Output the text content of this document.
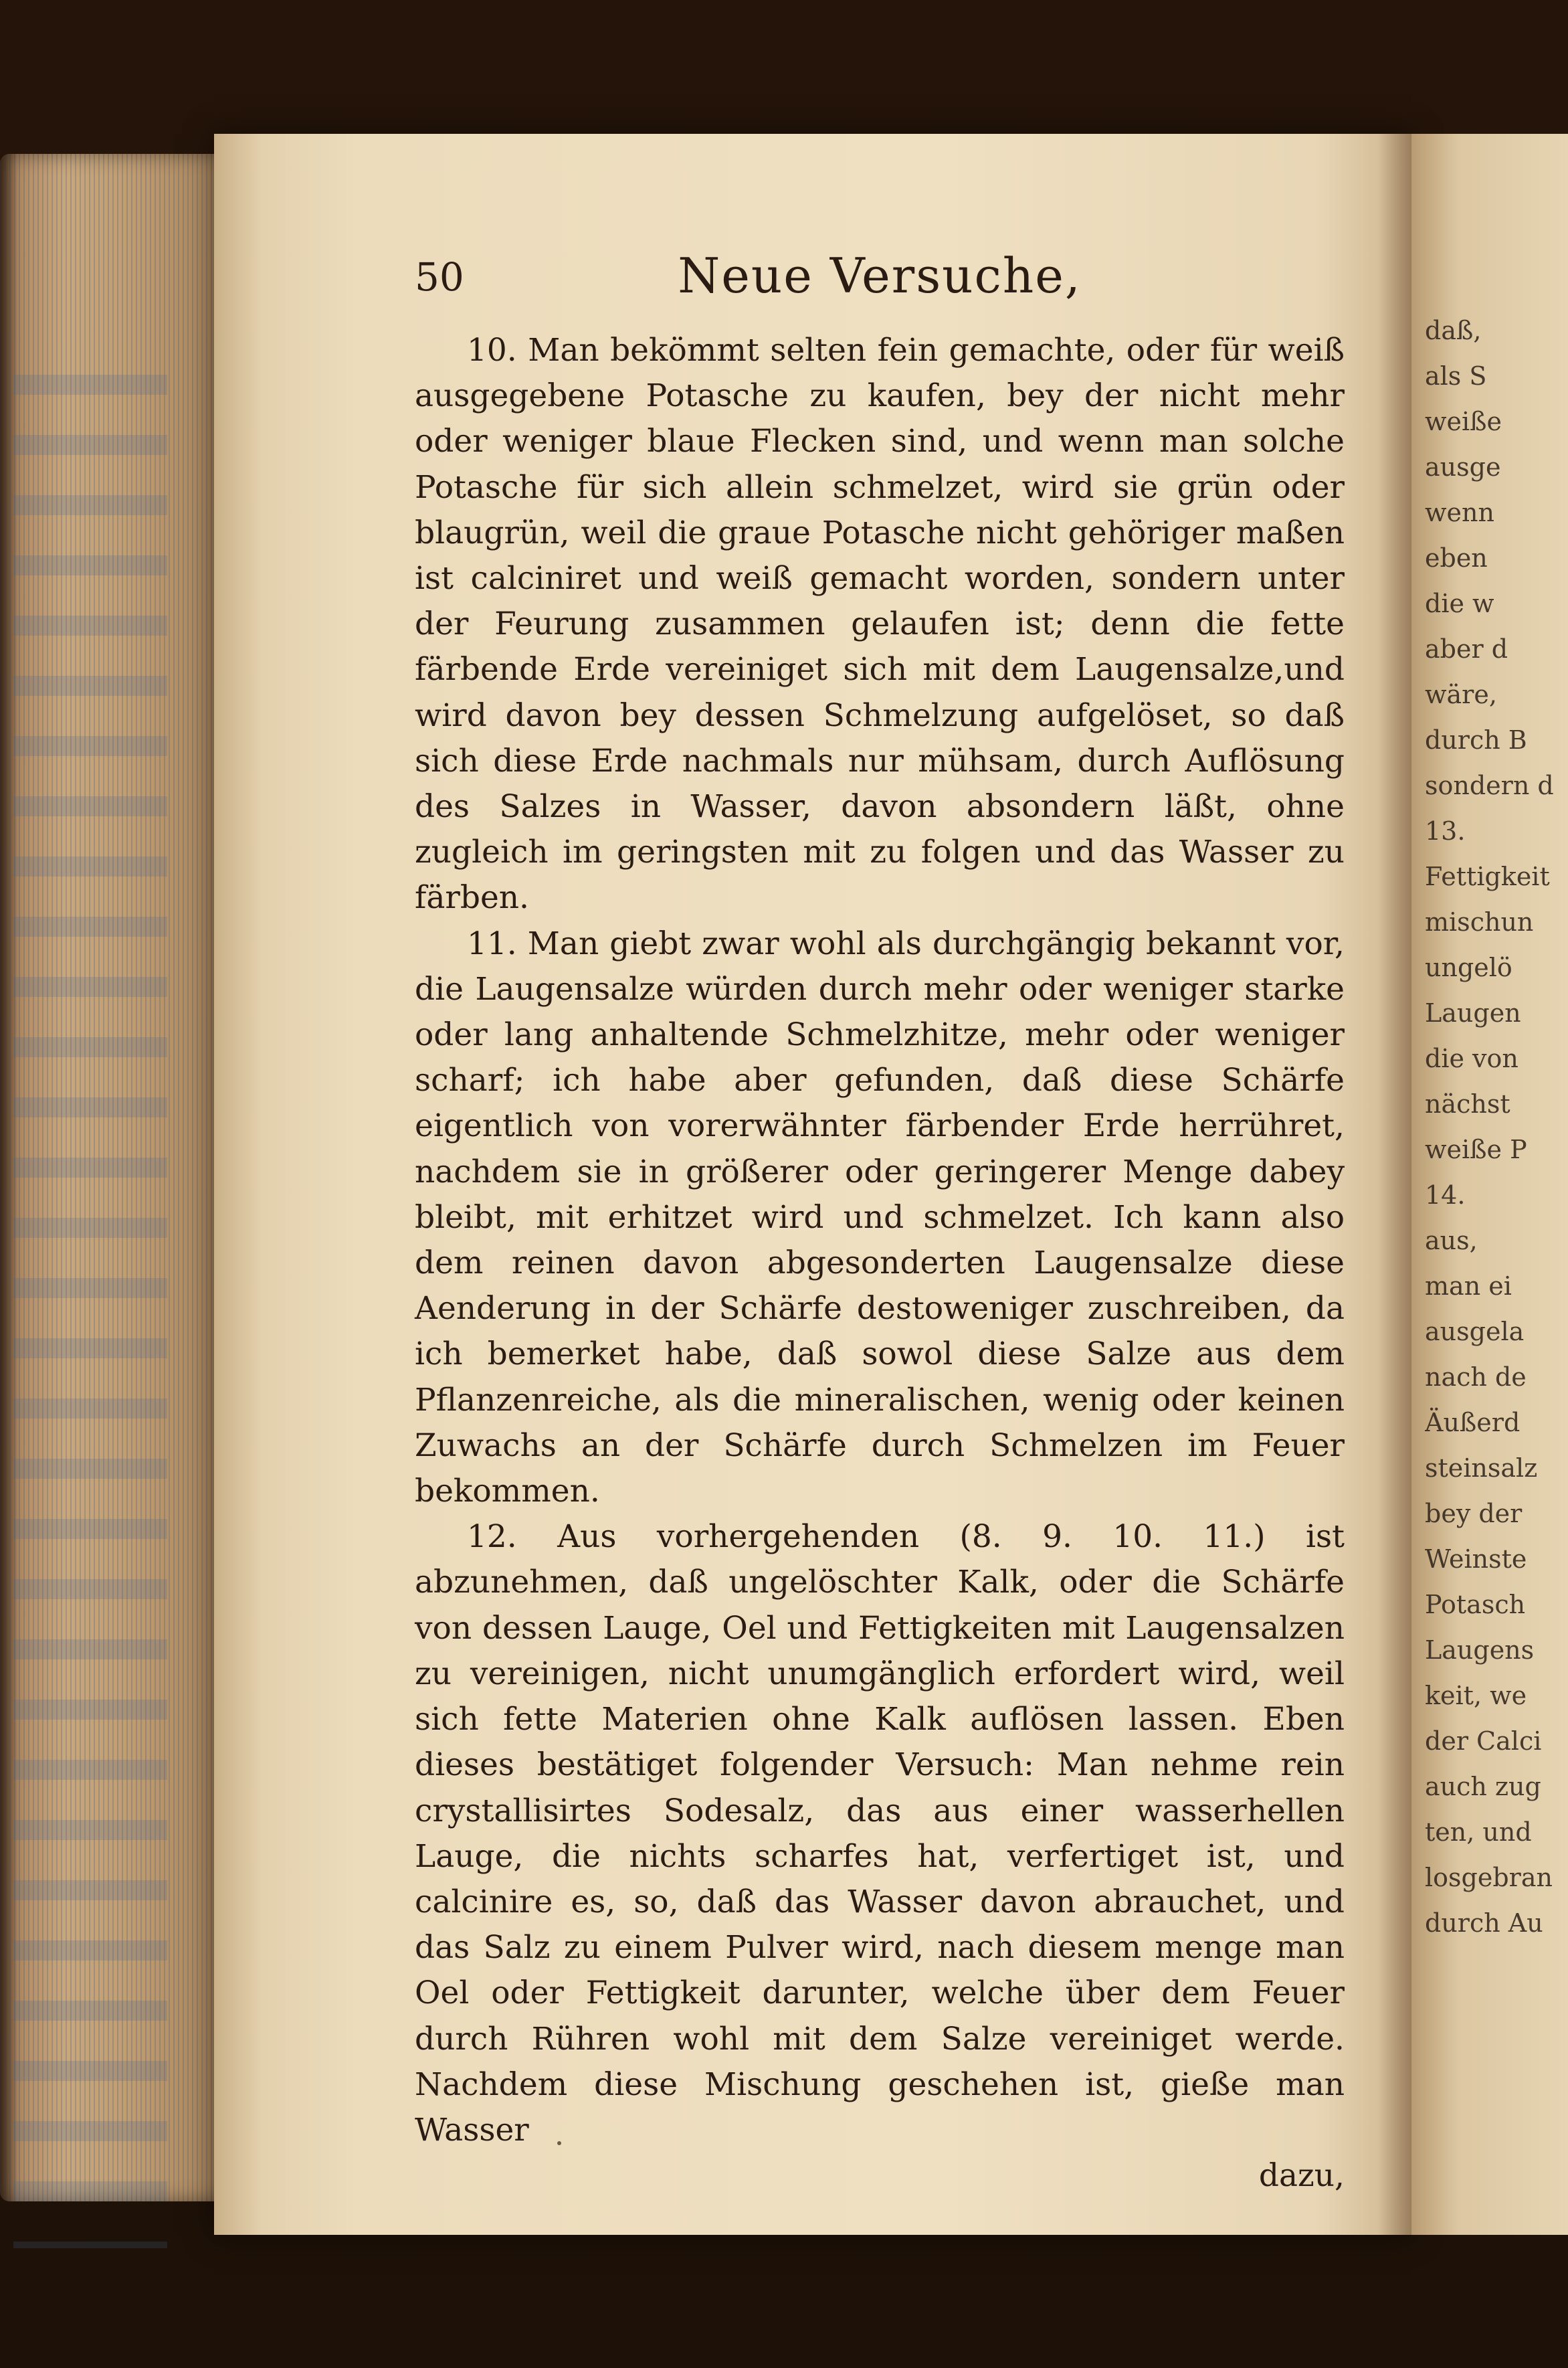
daß,
als S
weiße
ausge
wenn
eben
die w
aber d
wäre,
durch B
sondern d
13.
Fettigkeit
mischun
ungelö
Laugen
die von
nächst
weiße P
14.
aus,
man ei
ausgela
nach de
Äußerd
steinsalz
bey der
Weinste
Potasch
Laugens
keit, we
der Calci
auch zug
ten, und
losgebran
durch Au
50	Neue Versuche,

10. Man bekömmt selten fein gemachte, oder für weiß ausgegebene Potasche zu kaufen, bey der nicht mehr oder weniger blaue Flecken sind, und wenn man solche Potasche für sich allein schmelzet, wird sie grün oder blaugrün, weil die graue Potasche nicht gehöriger maßen ist calciniret und weiß gemacht worden, sondern unter der Feurung zusammen gelaufen ist; denn die fette färbende Erde vereiniget sich mit dem Laugensalze,und wird davon bey dessen Schmelzung aufgelöset, so daß sich diese Erde nachmals nur mühsam, durch Auflösung des Salzes in Wasser, davon absondern läßt, ohne zugleich im geringsten mit zu folgen und das Wasser zu färben.

11. Man giebt zwar wohl als durchgängig bekannt vor, die Laugensalze würden durch mehr oder weniger starke oder lang anhaltende Schmelzhitze, mehr oder weniger scharf; ich habe aber gefunden, daß diese Schärfe eigentlich von vorerwähnter färbender Erde herrühret, nachdem sie in größerer oder geringerer Menge dabey bleibt, mit erhitzet wird und schmelzet. Ich kann also dem reinen davon abgesonderten Laugensalze diese Aenderung in der Schärfe destoweniger zuschreiben, da ich bemerket habe, daß sowol diese Salze aus dem Pflanzenreiche, als die mineralischen, wenig oder keinen Zuwachs an der Schärfe durch Schmelzen im Feuer bekommen.

12. Aus vorhergehenden (8. 9. 10. 11.) ist abzunehmen, daß ungelöschter Kalk, oder die Schärfe von dessen Lauge, Oel und Fettigkeiten mit Laugensalzen zu vereinigen, nicht unumgänglich erfordert wird, weil sich fette Materien ohne Kalk auflösen lassen. Eben dieses bestätiget folgender Versuch: Man nehme rein crystallisirtes Sodesalz, das aus einer wasserhellen Lauge, die nichts scharfes hat, verfertiget ist, und calcinire es, so, daß das Wasser davon abrauchet, und das Salz zu einem Pulver wird, nach diesem menge man Oel oder Fettigkeit darunter, welche über dem Feuer durch Rühren wohl mit dem Salze vereiniget werde. Nachdem diese Mischung geschehen ist, gieße man Wasser

dazu,
